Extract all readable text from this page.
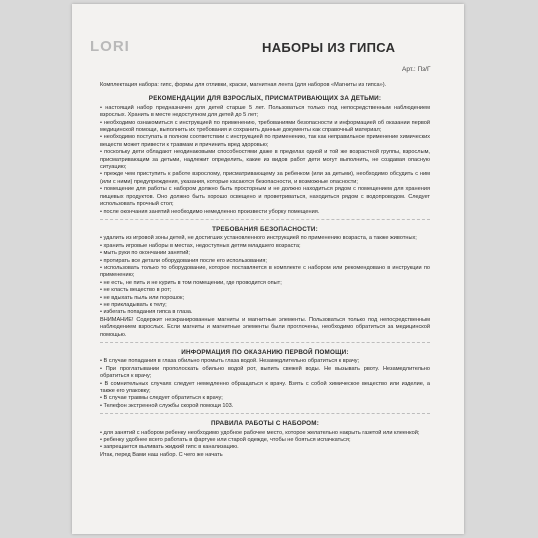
LORI	НАБОРЫ ИЗ ГИПСА
Арт.: Пз/Г

Комплектация набора: гипс, формы для отливки, краски, магнитная лента (для наборов «Магниты из гипса»).

РЕКОМЕНДАЦИИ ДЛЯ ВЗРОСЛЫХ, ПРИСМАТРИВАЮЩИХ ЗА ДЕТЬМИ:

• настоящий набор предназначен для детей старше 5 лет. Пользоваться только под непосредственным наблюдением взрослых. Хранить в месте недоступном для детей до 5 лет;

• необходимо ознакомиться с инструкцией по применению, требованиями безопасности и информацией об оказании первой медицинской помощи, выполнить их требования и сохранить данные документы как справочный материал;

• необходимо поступать в полном соответствии с инструкцией по применению, так как неправильное применение химических веществ может привести к травмам и причинить вред здоровью;

• поскольку дети обладают неодинаковыми способностями даже в пределах одной и той же возрастной группы, взрослым, присматривающим за детьми, надлежит определить, какие из видов работ дети могут выполнить, не создавая опасную ситуацию;

• прежде чем приступить к работе взрослому, присматривающему за ребенком (или за детьми), необходимо обсудить с ним (или с ними) предупреждения, указания, которые касаются безопасности, и возможные опасности;

• помещение для работы с набором должно быть просторным и не должно находиться рядом с помещением для хранения пищевых продуктов. Оно должно быть хорошо освещено и проветриваться, находиться рядом с водопроводом. Следует использовать прочный стол;

• после окончания занятий необходимо немедленно произвести уборку помещения.

ТРЕБОВАНИЯ БЕЗОПАСНОСТИ:

• удалить из игровой зоны детей, не достигших установленного инструкцией по применению возраста, а также животных;

• хранить игровые наборы в местах, недоступных детям младшего возраста;

• мыть руки по окончании занятий;

• протирать все детали оборудования после его использования;

• использовать только то оборудование, которое поставляется в комплекте с набором или рекомендовано в инструкции по применению;

• не есть, не пить и не курить в том помещении, где проводится опыт;

• не класть вещество в рот;

• не вдыхать пыль или порошок;

• не прикладывать к телу;

• избегать попадания гипса в глаза.

ВНИМАНИЕ! Содержит неэкранированные магниты и магнитные элементы. Пользоваться только под непосредственным наблюдением взрослых. Если магниты и магнитные элементы были проглочены, необходимо обратиться за медицинской помощью.

ИНФОРМАЦИЯ ПО ОКАЗАНИЮ ПЕРВОЙ ПОМОЩИ:

• В случае попадания в глаза обильно промыть глаза водой. Незамедлительно обратиться к врачу;

• При проглатывании прополоскать обильно водой рот, выпить свежей воды. Не вызывать рвоту. Незамедлительно обратиться к врачу;

• В сомнительных случаях следует немедленно обращаться к врачу. Взять с собой химическое вещество или изделие, а также его упаковку;

• В случае травмы следует обратиться к врачу;

• Телефон экстренной службы скорой помощи 103.

ПРАВИЛА РАБОТЫ С НАБОРОМ:

• для занятий с набором ребенку необходимо удобное рабочее место, которое желательно накрыть газетой или клеенкой;

• ребенку удобнее всего работать в фартуке или старой одежде, чтобы не бояться испачкаться;

• запрещается выливать жидкий гипс в канализацию.

Итак, перед Вами наш набор. С чего же начать
